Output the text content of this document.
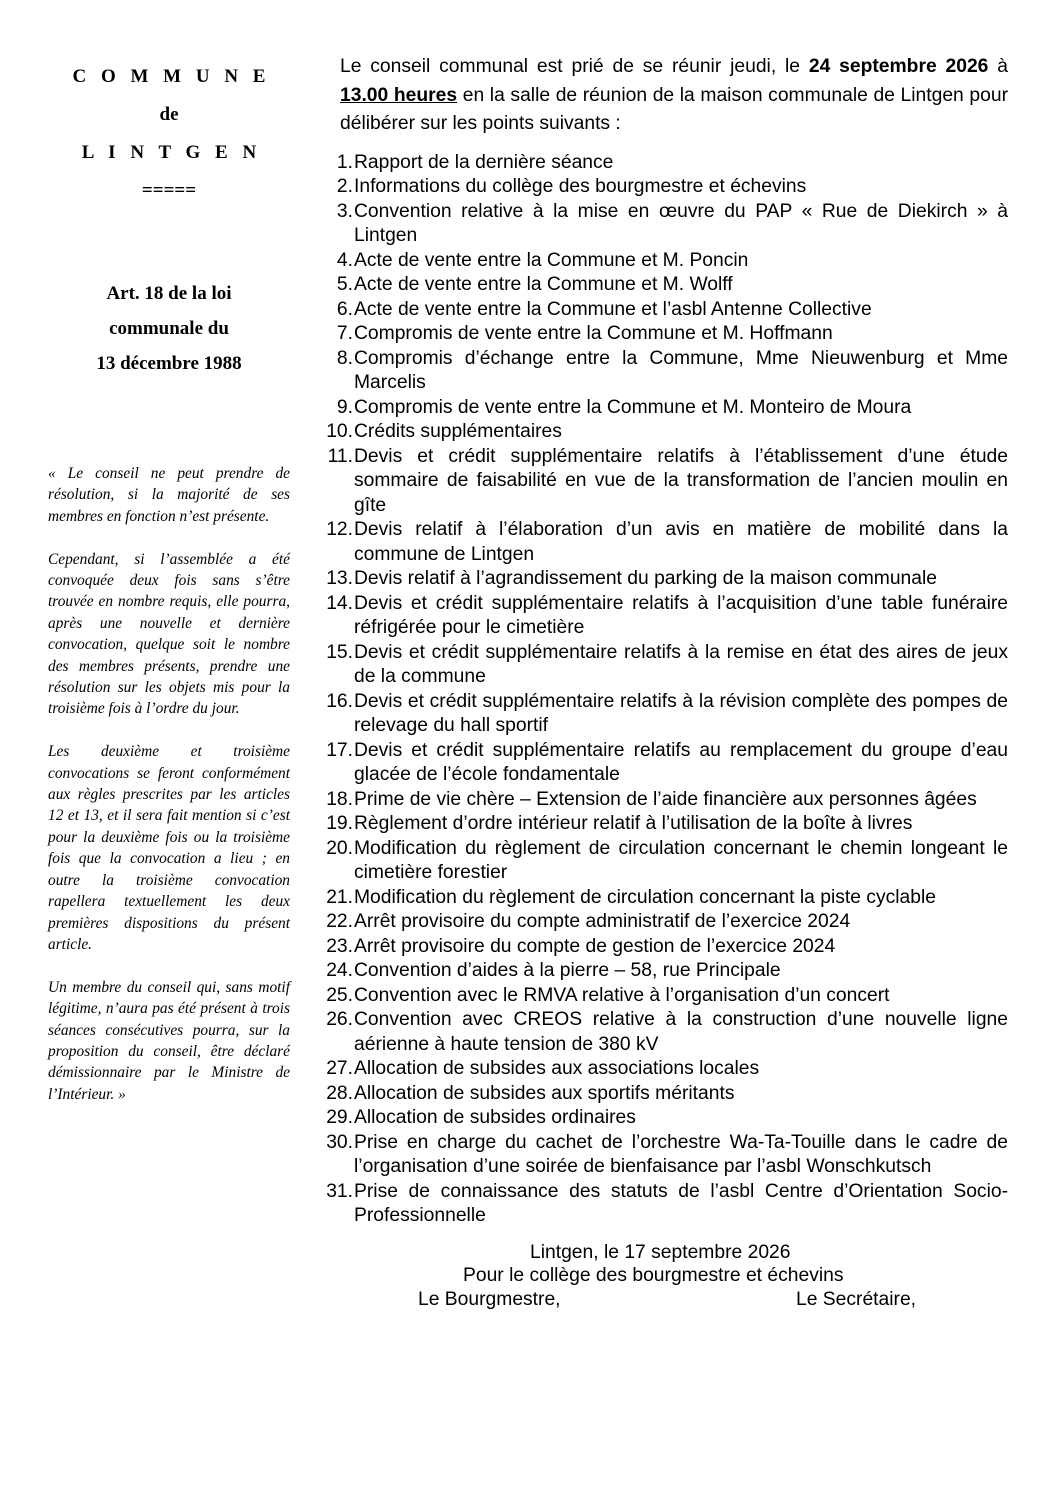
C O M M U N E
de
L I N T G E N
=====
Art. 18 de la loi
communale du
13 décembre 1988

« Le conseil ne peut prendre de résolution, si la majorité de ses membres en fonction n’est présente.

Cependant, si l’assemblée a été convoquée deux fois sans s’être trouvée en nombre requis, elle pourra, après une nouvelle et dernière convocation, quelque soit le nombre des membres présents, prendre une résolution sur les objets mis pour la troisième fois à l’ordre du jour.

Les deuxième et troisième convocations se feront conformément aux règles prescrites par les articles 12 et 13, et il sera fait mention si c’est pour la deuxième fois ou la troisième fois que la convocation a lieu ; en outre la troisième convocation rapellera textuellement les deux premières dispositions du présent article.

Un membre du conseil qui, sans motif légitime, n’aura pas été présent à trois séances consécutives pourra, sur la proposition du conseil, être déclaré démissionnaire par le Ministre de l’Intérieur. »

Le conseil communal est prié de se réunir jeudi, le 24 septembre 2026 à 13.00 heures en la salle de réunion de la maison communale de Lintgen pour délibérer sur les points suivants :

1. Rapport de la dernière séance
2. Informations du collège des bourgmestre et échevins
3. Convention relative à la mise en œuvre du PAP « Rue de Diekirch » à Lintgen
4. Acte de vente entre la Commune et M. Poncin
5. Acte de vente entre la Commune et M. Wolff
6. Acte de vente entre la Commune et l’asbl Antenne Collective
7. Compromis de vente entre la Commune et M. Hoffmann
8. Compromis d’échange entre la Commune, Mme Nieuwenburg et Mme Marcelis
9. Compromis de vente entre la Commune et M. Monteiro de Moura
10. Crédits supplémentaires
11. Devis et crédit supplémentaire relatifs à l’établissement d’une étude sommaire de faisabilité en vue de la transformation de l’ancien moulin en gîte
12. Devis relatif à l’élaboration d’un avis en matière de mobilité dans la commune de Lintgen
13. Devis relatif à l’agrandissement du parking de la maison communale
14. Devis et crédit supplémentaire relatifs à l’acquisition d’une table funéraire réfrigérée pour le cimetière
15. Devis et crédit supplémentaire relatifs à la remise en état des aires de jeux de la commune
16. Devis et crédit supplémentaire relatifs à la révision complète des pompes de relevage du hall sportif
17. Devis et crédit supplémentaire relatifs au remplacement du groupe d’eau glacée de l’école fondamentale
18. Prime de vie chère – Extension de l’aide financière aux personnes âgées
19. Règlement d’ordre intérieur relatif à l’utilisation de la boîte à livres
20. Modification du règlement de circulation concernant le chemin longeant le cimetière forestier
21. Modification du règlement de circulation concernant la piste cyclable
22. Arrêt provisoire du compte administratif de l’exercice 2024
23. Arrêt provisoire du compte de gestion de l’exercice 2024
24. Convention d’aides à la pierre – 58, rue Principale
25. Convention avec le RMVA relative à l’organisation d’un concert
26. Convention avec CREOS relative à la construction d’une nouvelle ligne aérienne à haute tension de 380 kV
27. Allocation de subsides aux associations locales
28. Allocation de subsides aux sportifs méritants
29. Allocation de subsides ordinaires
30. Prise en charge du cachet de l’orchestre Wa-Ta-Touille dans le cadre de l’organisation d’une soirée de bienfaisance par l’asbl Wonschkutsch
31. Prise de connaissance des statuts de l’asbl Centre d’Orientation Socio-Professionnelle
Lintgen, le 17 septembre 2026
Pour le collège des bourgmestre et échevins
Le Bourgmestre,	Le Secrétaire,
